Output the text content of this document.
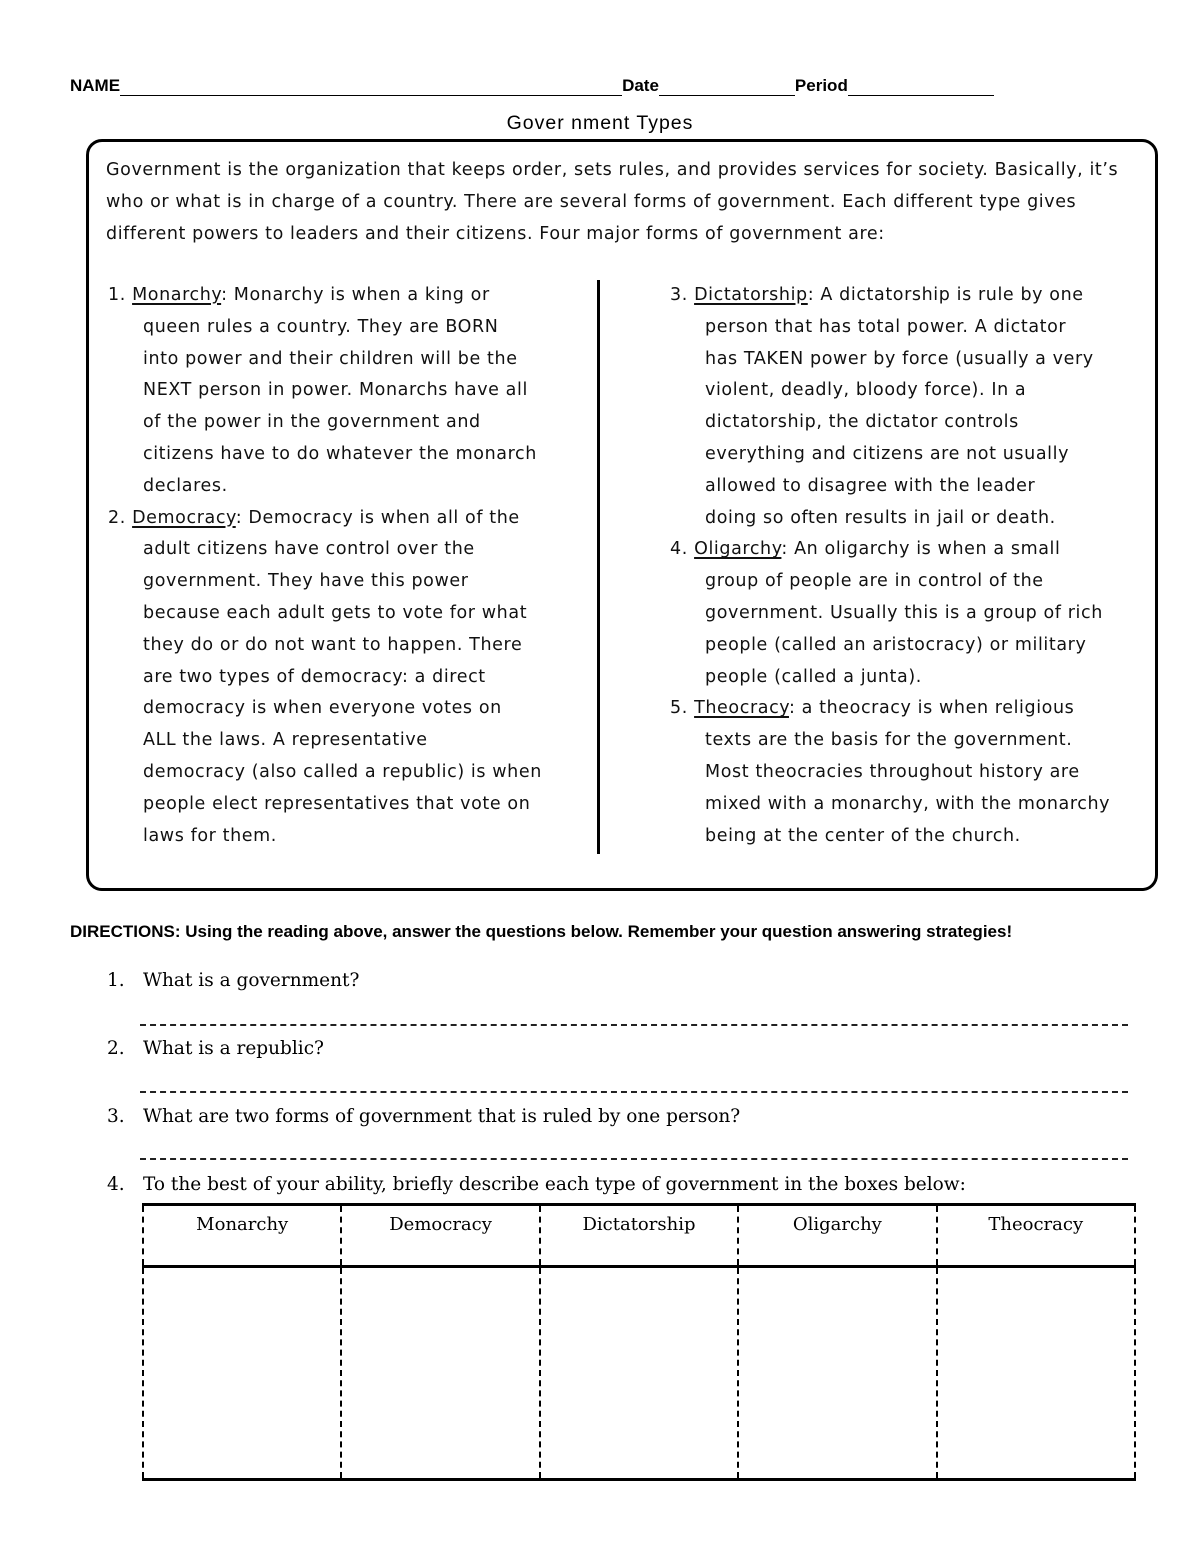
NAME	Date	Period
Gover nment Types
Government is the organization that keeps order, sets rules, and provides services for society. Basically, it’s who or what is in charge of a country. There are several forms of government. Each different type gives different powers to leaders and their citizens. Four major forms of government are:
1. Monarchy: Monarchy is when a king or
queen rules a country. They are BORN
into power and their children will be the
NEXT person in power. Monarchs have all
of the power in the government and
citizens have to do whatever the monarch
declares.
2. Democracy: Democracy is when all of the
adult citizens have control over the
government. They have this power
because each adult gets to vote for what
they do or do not want to happen. There
are two types of democracy: a direct
democracy is when everyone votes on
ALL the laws. A representative
democracy (also called a republic) is when
people elect representatives that vote on
laws for them.
3. Dictatorship: A dictatorship is rule by one
person that has total power. A dictator
has TAKEN power by force (usually a very
violent, deadly, bloody force). In a
dictatorship, the dictator controls
everything and citizens are not usually
allowed to disagree with the leader
doing so often results in jail or death.
4. Oligarchy: An oligarchy is when a small
group of people are in control of the
government. Usually this is a group of rich
people (called an aristocracy) or military
people (called a junta).
5. Theocracy: a theocracy is when religious
texts are the basis for the government.
Most theocracies throughout history are
mixed with a monarchy, with the monarchy
being at the center of the church.
DIRECTIONS: Using the reading above, answer the questions below. Remember your question answering strategies!
1. What is a government?
2. What is a republic?
3. What are two forms of government that is ruled by one person?
4. To the best of your ability, briefly describe each type of government in the boxes below:
Monarchy	Democracy	Dictatorship	Oligarchy	Theocracy
